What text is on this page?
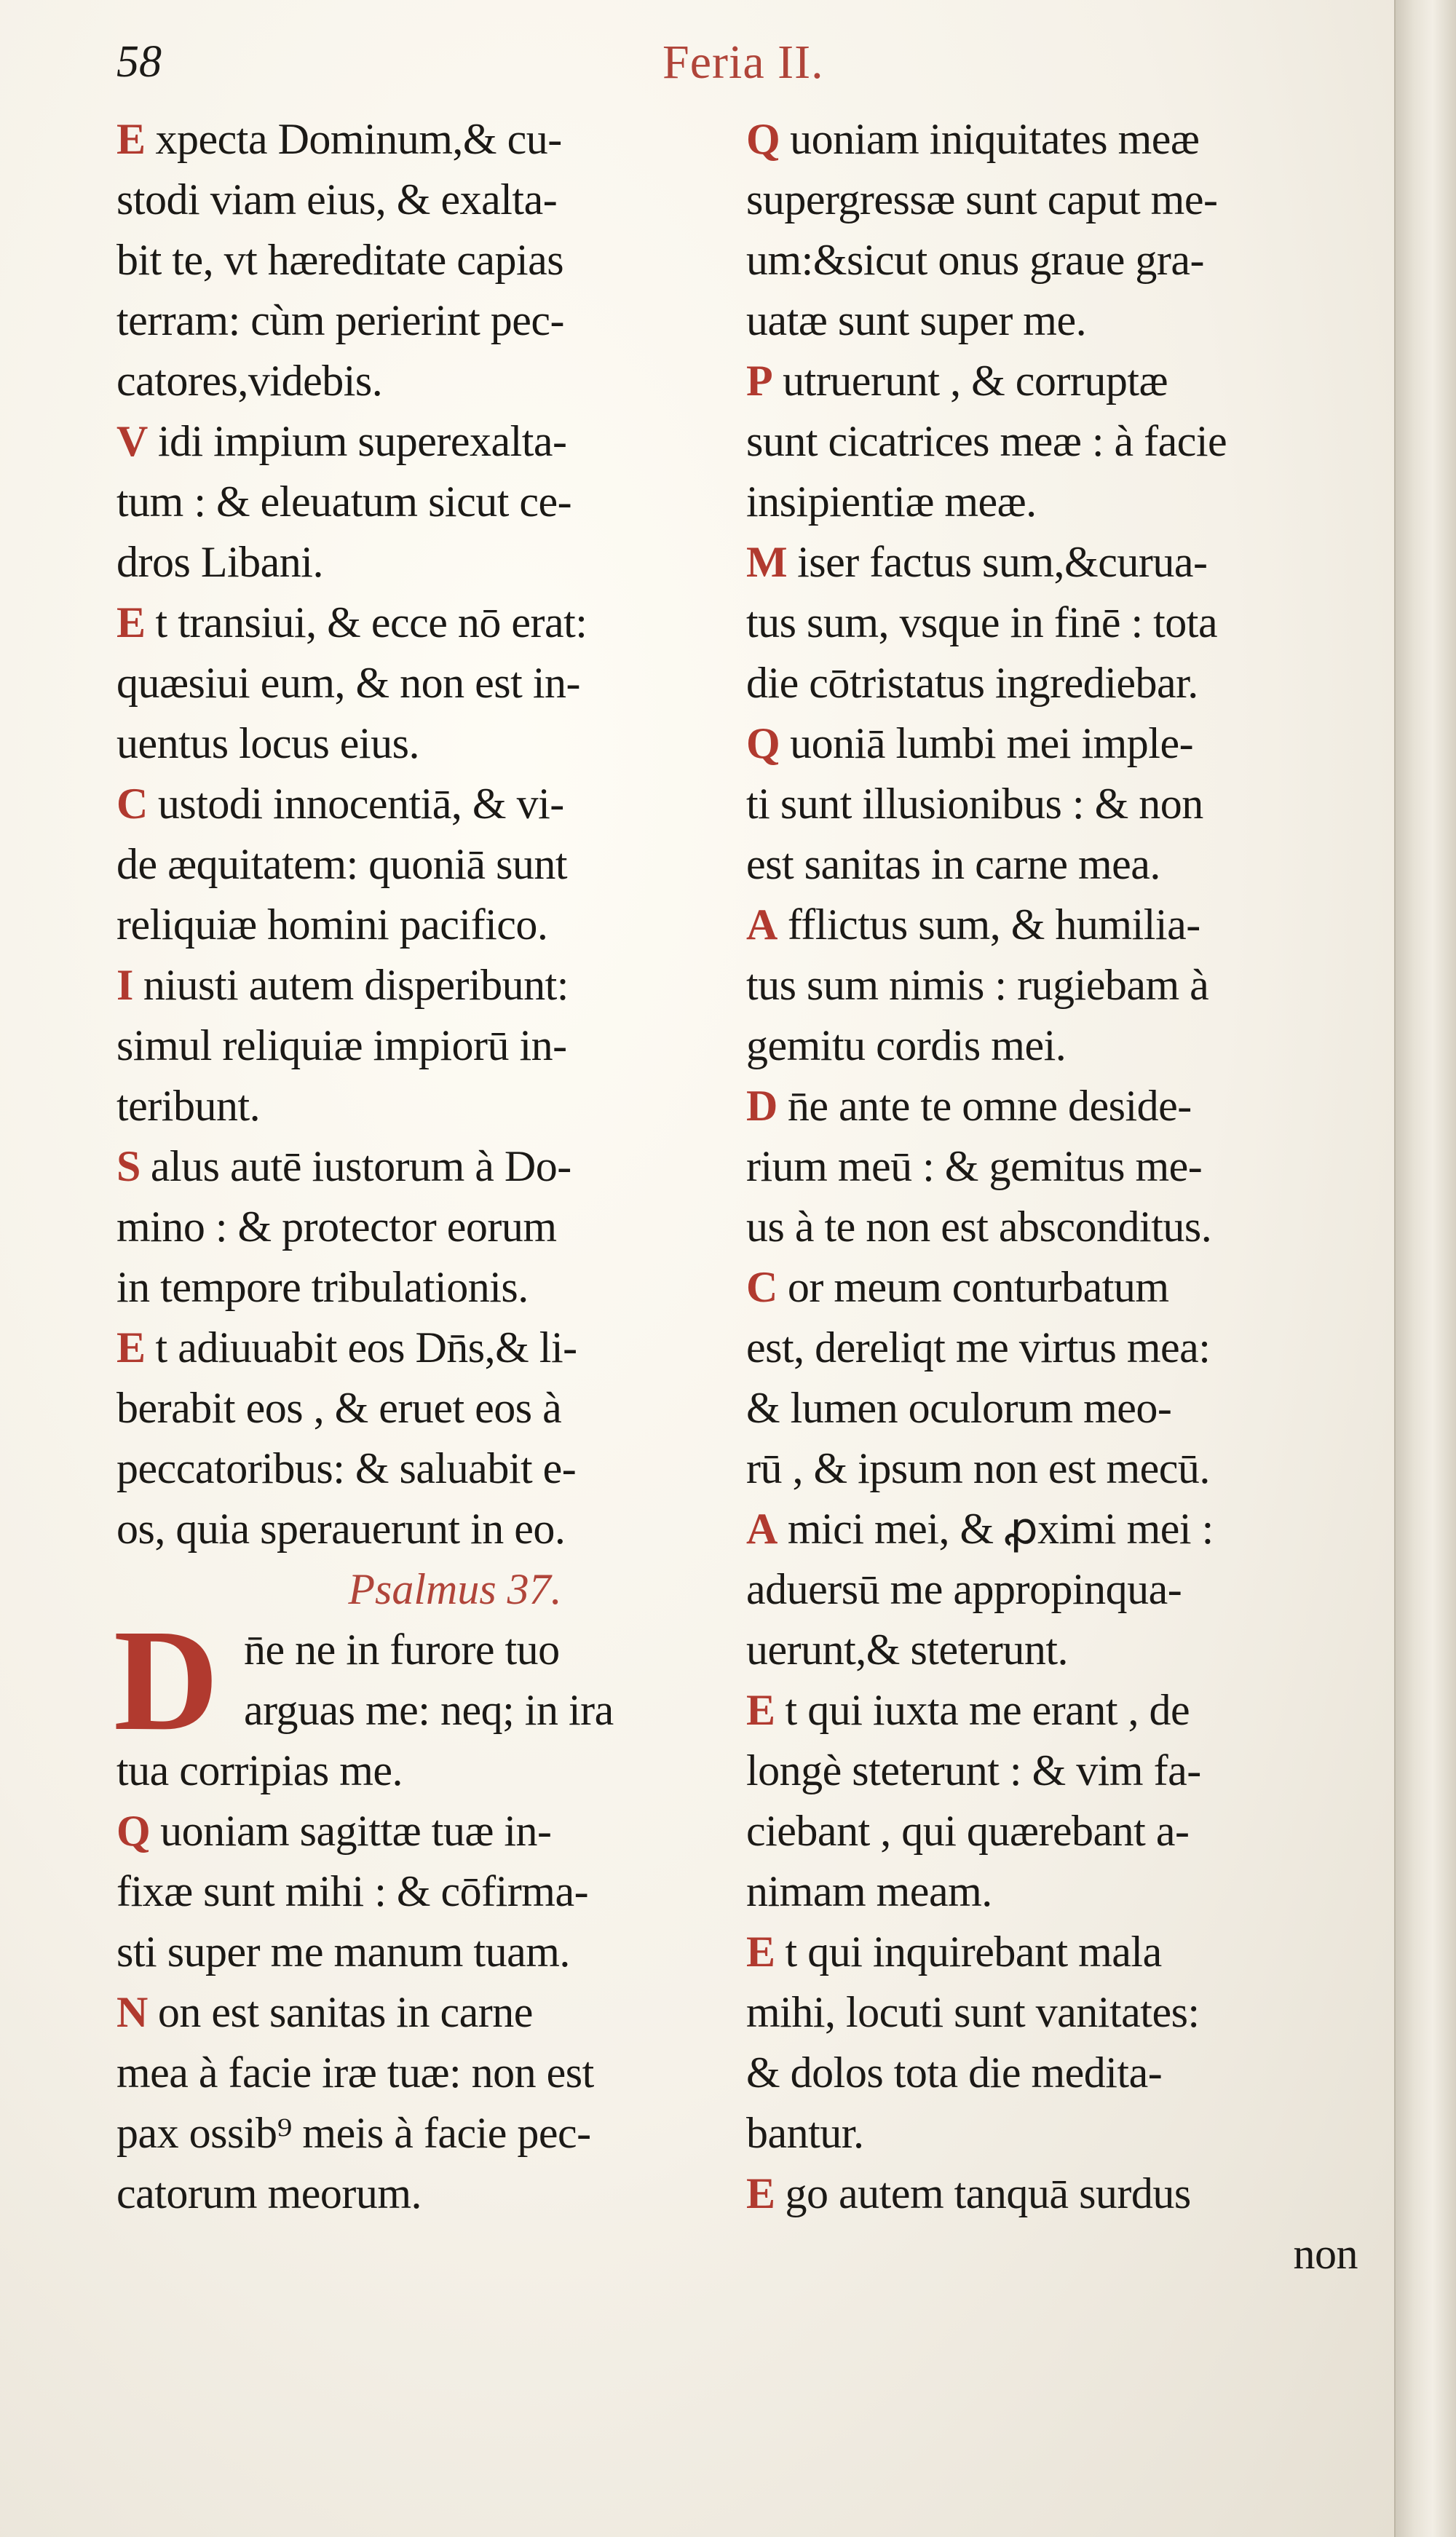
58	Feria II.
E xpecta Dominum,& cu-
stodi viam eius, & exalta-
bit te, vt hæreditate capias
terram: cùm perierint pec-
catores,videbis.
V idi impium superexalta-
tum : & eleuatum sicut ce-
dros Libani.
E t transiui, & ecce nō erat:
quæsiui eum, & non est in-
uentus locus eius.
C ustodi innocentiā, & vi-
de æquitatem: quoniā sunt
reliquiæ homini pacifico.
I niusti autem disperibunt:
simul reliquiæ impiorū in-
teribunt.
S alus autē iustorum à Do-
mino : & protector eorum
in tempore tribulationis.
E t adiuuabit eos Dn̄s,& li-
berabit eos , & eruet eos à
peccatoribus: & saluabit e-
os, quia sperauerunt in eo.
Psalmus 37.
D n̄e ne in furore tuo
arguas me: neq; in ira
tua corripias me.
Q uoniam sagittæ tuæ in-
fixæ sunt mihi : & cōfirma-
sti super me manum tuam.
N on est sanitas in carne
mea à facie iræ tuæ: non est
pax ossib⁹ meis à facie pec-
catorum meorum.
Q uoniam iniquitates meæ
supergressæ sunt caput me-
um:&sicut onus graue gra-
uatæ sunt super me.
P utruerunt , & corruptæ
sunt cicatrices meæ : à facie
insipientiæ meæ.
M iser factus sum,&curua-
tus sum, vsque in finē : tota
die cōtristatus ingrediebar.
Q uoniā lumbi mei imple-
ti sunt illusionibus : & non
est sanitas in carne mea.
A fflictus sum, & humilia-
tus sum nimis : rugiebam à
gemitu cordis mei.
D n̄e ante te omne deside-
rium meū : & gemitus me-
us à te non est absconditus.
C or meum conturbatum
est, dereliqt me virtus mea:
& lumen oculorum meo-
rū , & ipsum non est mecū.
A mici mei, & ꝓximi mei :
aduersū me appropinqua-
uerunt,& steterunt.
E t qui iuxta me erant , de
longè steterunt : & vim fa-
ciebant , qui quærebant a-
nimam meam.
E t qui inquirebant mala
mihi, locuti sunt vanitates:
& dolos tota die medita-
bantur.
E go autem tanquā surdus
non
